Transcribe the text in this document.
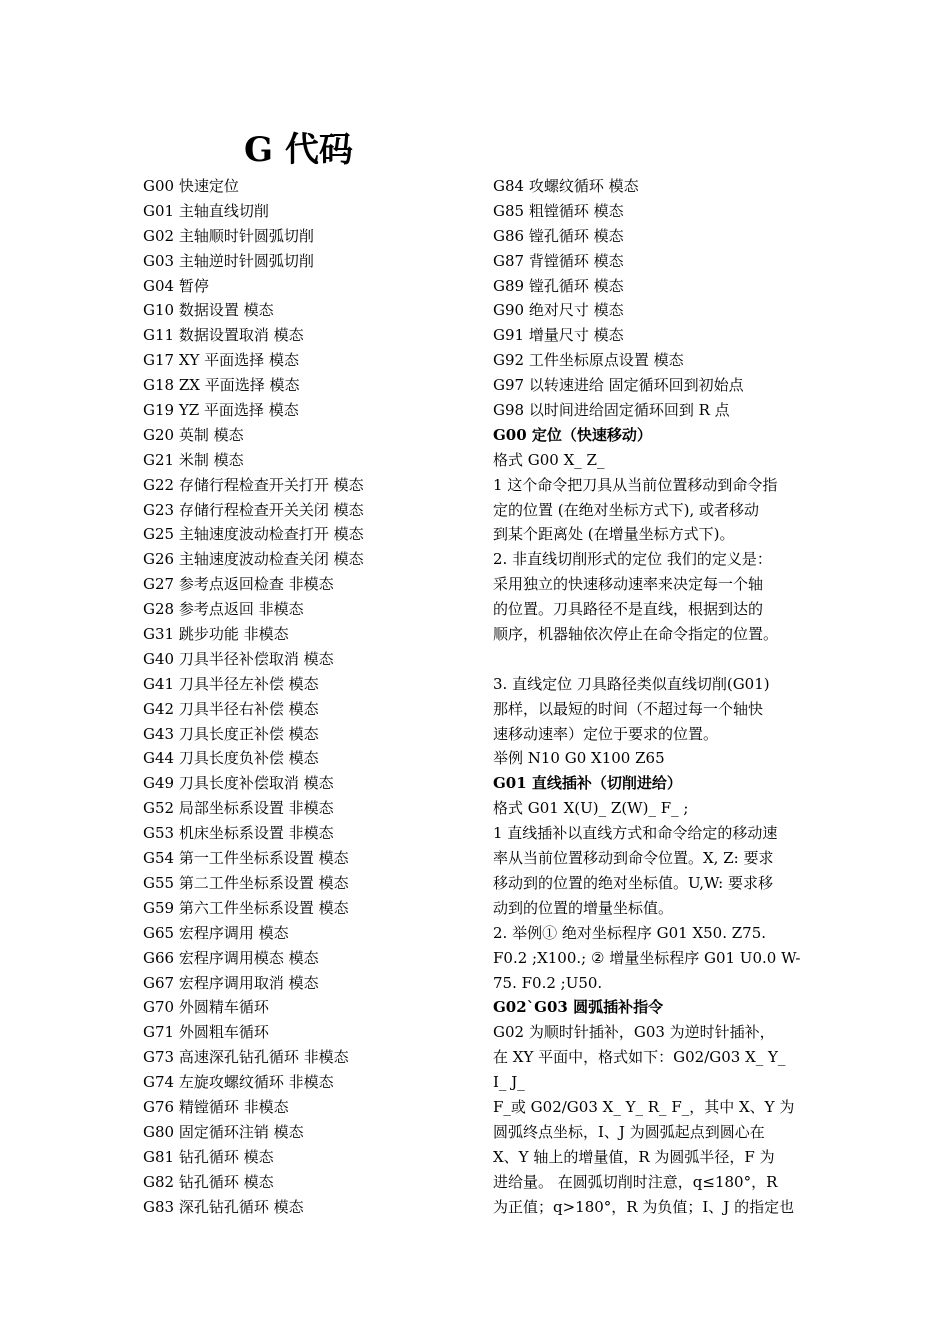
G 代码
G00 快速定位
G01 主轴直线切削
G02 主轴顺时针圆弧切削
G03 主轴逆时针圆弧切削
G04 暂停
G10 数据设置 模态
G11 数据设置取消 模态
G17 XY 平面选择 模态
G18 ZX 平面选择 模态
G19 YZ 平面选择 模态
G20 英制 模态
G21 米制 模态
G22 存储行程检查开关打开 模态
G23 存储行程检查开关关闭 模态
G25 主轴速度波动检查打开 模态
G26 主轴速度波动检查关闭 模态
G27 参考点返回检查 非模态
G28 参考点返回 非模态
G31 跳步功能 非模态
G40 刀具半径补偿取消 模态
G41 刀具半径左补偿 模态
G42 刀具半径右补偿 模态
G43 刀具长度正补偿 模态
G44 刀具长度负补偿 模态
G49 刀具长度补偿取消 模态
G52 局部坐标系设置 非模态
G53 机床坐标系设置 非模态
G54 第一工件坐标系设置 模态
G55 第二工件坐标系设置 模态
G59 第六工件坐标系设置 模态
G65 宏程序调用 模态
G66 宏程序调用模态 模态
G67 宏程序调用取消 模态
G70 外圆精车循环
G71 外圆粗车循环
G73 高速深孔钻孔循环 非模态
G74 左旋攻螺纹循环 非模态
G76 精镗循环 非模态
G80 固定循环注销 模态
G81 钻孔循环 模态
G82 钻孔循环 模态
G83 深孔钻孔循环 模态
G84 攻螺纹循环 模态
G85 粗镗循环 模态
G86 镗孔循环 模态
G87 背镗循环 模态
G89 镗孔循环 模态
G90 绝对尺寸 模态
G91 增量尺寸 模态
G92 工件坐标原点设置 模态
G97 以转速进给 固定循环回到初始点
G98 以时间进给固定循环回到 R 点
G00 定位（快速移动）
格式 G00 X_ Z_
1 这个命令把刀具从当前位置移动到命令指
定的位置 (在绝对坐标方式下), 或者移动
到某个距离处 (在增量坐标方式下)。
2. 非直线切削形式的定位 我们的定义是：
采用独立的快速移动速率来决定每一个轴
的位置。刀具路径不是直线，根据到达的
顺序，机器轴依次停止在命令指定的位置。
3. 直线定位 刀具路径类似直线切削(G01)
那样，以最短的时间（不超过每一个轴快
速移动速率）定位于要求的位置。
举例 N10 G0 X100 Z65
G01 直线插补（切削进给）
格式 G01 X(U)_ Z(W)_ F_ ;
1 直线插补以直线方式和命令给定的移动速
率从当前位置移动到命令位置。X, Z: 要求
移动到的位置的绝对坐标值。U,W: 要求移
动到的位置的增量坐标值。
2. 举例① 绝对坐标程序 G01 X50. Z75.
F0.2 ;X100.; ② 增量坐标程序 G01 U0.0 W-
75. F0.2 ;U50.
G02`G03 圆弧插补指令
G02 为顺时针插补，G03 为逆时针插补，
在 XY 平面中，格式如下：G02/G03 X_ Y_
I_ J_
F_或 G02/G03 X_ Y_ R_ F_，其中 X、Y 为
圆弧终点坐标，I、J 为圆弧起点到圆心在
X、Y 轴上的增量值，R 为圆弧半径，F 为
进给量。 在圆弧切削时注意，q≤180°，R
为正值；q>180°，R 为负值；I、J 的指定也
